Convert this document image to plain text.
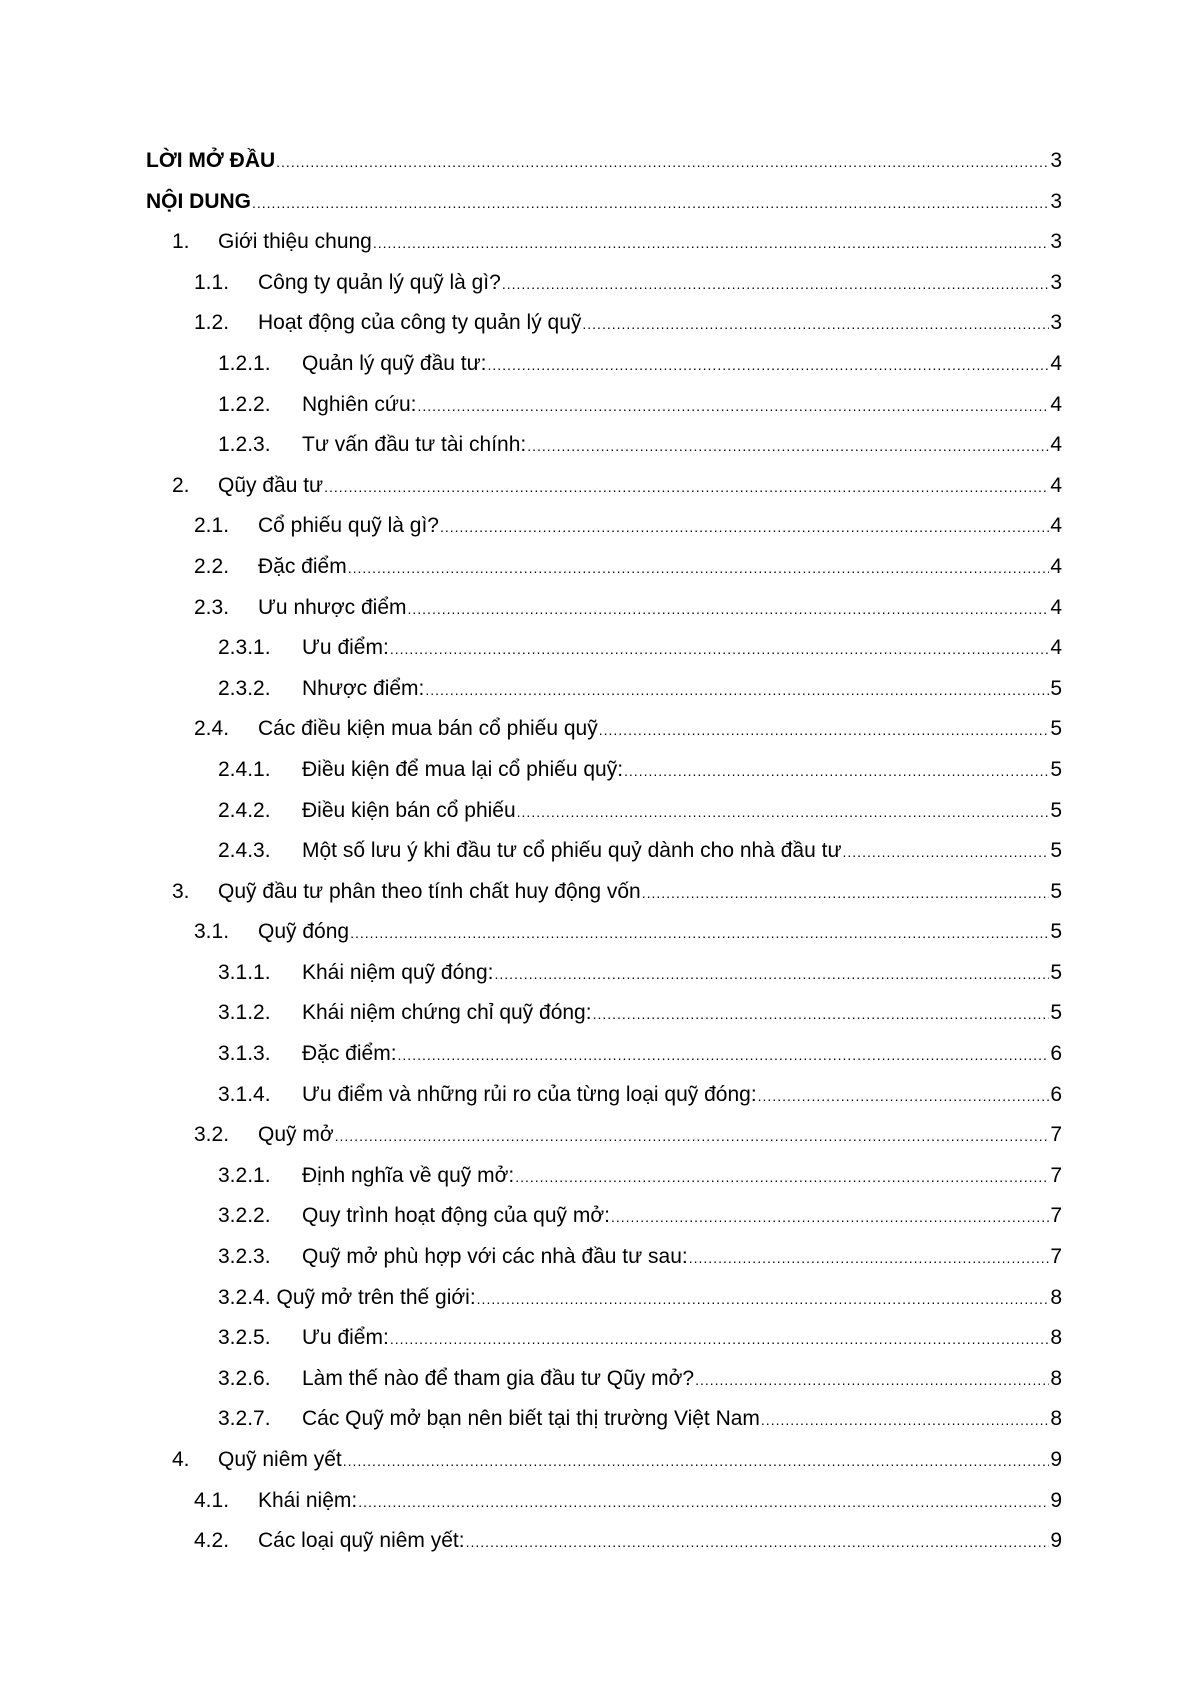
LỜI MỞ ĐẦU .....	3
NỘI DUNG .....	3
1.	Giới thiệu chung .....	3
1.1.	Công ty quản lý quỹ là gì? .....	3
1.2.	Hoạt động của công ty quản lý quỹ .....	3
1.2.1.	Quản lý quỹ đầu tư: .....	4
1.2.2.	Nghiên cứu: .....	4
1.2.3.	Tư vấn đầu tư tài chính: .....	4
2.	Qũy đầu tư .....	4
2.1.	Cổ phiếu quỹ là gì? .....	4
2.2.	Đặc điểm .....	4
2.3.	Ưu nhược điểm .....	4
2.3.1.	Ưu điểm: .....	4
2.3.2.	Nhược điểm: .....	5
2.4.	Các điều kiện mua bán cổ phiếu quỹ .....	5
2.4.1.	Điều kiện để mua lại cổ phiếu quỹ: .....	5
2.4.2.	Điều kiện bán cổ phiếu .....	5
2.4.3.	Một số lưu ý khi đầu tư cổ phiếu quỷ dành cho nhà đầu tư .....	5
3.	Quỹ đầu tư phân theo tính chất huy động vốn .....	5
3.1.	Quỹ đóng .....	5
3.1.1.	Khái niệm quỹ đóng: .....	5
3.1.2.	Khái niệm chứng chỉ quỹ đóng: .....	5
3.1.3.	Đặc điểm: .....	6
3.1.4.	Ưu điểm và những rủi ro của từng loại quỹ đóng: .....	6
3.2.	Quỹ mở .....	7
3.2.1.	Định nghĩa về quỹ mở: .....	7
3.2.2.	Quy trình hoạt động của quỹ mở: .....	7
3.2.3.	Quỹ mở phù hợp với các nhà đầu tư sau: .....	7
3.2.4. Quỹ mở trên thế giới: .....	8
3.2.5.	Ưu điểm: .....	8
3.2.6.	Làm thế nào để tham gia đầu tư Qũy mở? .....	8
3.2.7.	Các Quỹ mở bạn nên biết tại thị trường Việt Nam .....	8
4.	Quỹ niêm yết .....	9
4.1.	Khái niệm: .....	9
4.2.	Các loại quỹ niêm yết: .....	9
